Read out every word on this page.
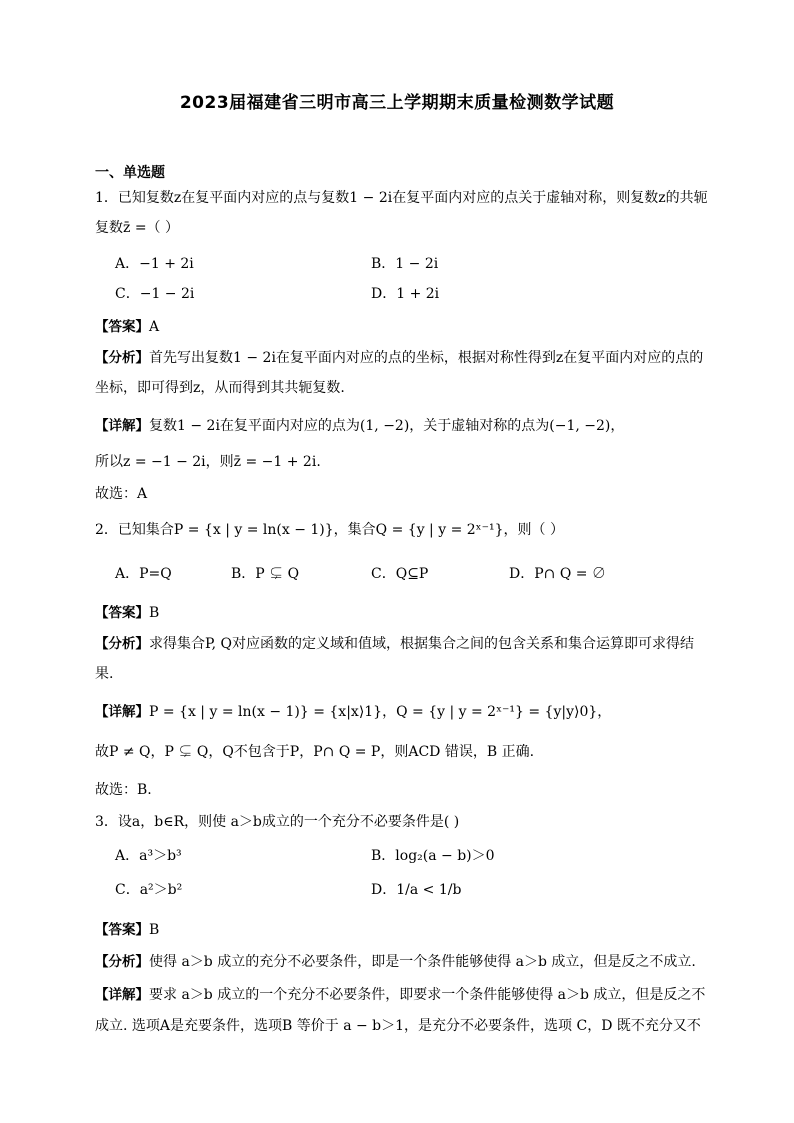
2023届福建省三明市高三上学期期末质量检测数学试题
一、单选题
1．已知复数z在复平面内对应的点与复数1 − 2i在复平面内对应的点关于虚轴对称，则复数z的共轭
复数z̄ =（ ）
A．−1 + 2i	B．1 − 2i
C．−1 − 2i	D．1 + 2i
【答案】A
【分析】首先写出复数1 − 2i在复平面内对应的点的坐标，根据对称性得到z在复平面内对应的点的
坐标，即可得到z，从而得到其共轭复数.
【详解】复数1 − 2i在复平面内对应的点为(1, −2)，关于虚轴对称的点为(−1, −2)，
所以z = −1 − 2i，则z̄ = −1 + 2i.
故选：A
2．已知集合P = {x | y = ln(x − 1)}，集合Q = {y | y = 2ˣ⁻¹}，则（ ）
A．P=Q	B．P ⊊ Q	C．Q⊆P	D．P∩ Q = ∅
【答案】B
【分析】求得集合P, Q对应函数的定义域和值域，根据集合之间的包含关系和集合运算即可求得结
果.
【详解】P = {x | y = ln(x − 1)} = {x|x⟩1}，Q = {y | y = 2ˣ⁻¹} = {y|y⟩0}，
故P ≠ Q，P ⊊ Q，Q不包含于P，P∩ Q = P，则ACD 错误，B 正确.
故选：B.
3．设a，b∈R，则使 a＞b成立的一个充分不必要条件是( )
A．a³＞b³	B．log₂(a − b)＞0
C．a²＞b²	D．1/a < 1/b
【答案】B
【分析】使得 a＞b 成立的充分不必要条件，即是一个条件能够使得 a＞b 成立，但是反之不成立.
【详解】要求 a＞b 成立的一个充分不必要条件，即要求一个条件能够使得 a＞b 成立，但是反之不
成立. 选项A是充要条件，选项B 等价于 a − b＞1，是充分不必要条件，选项 C，D 既不充分又不
